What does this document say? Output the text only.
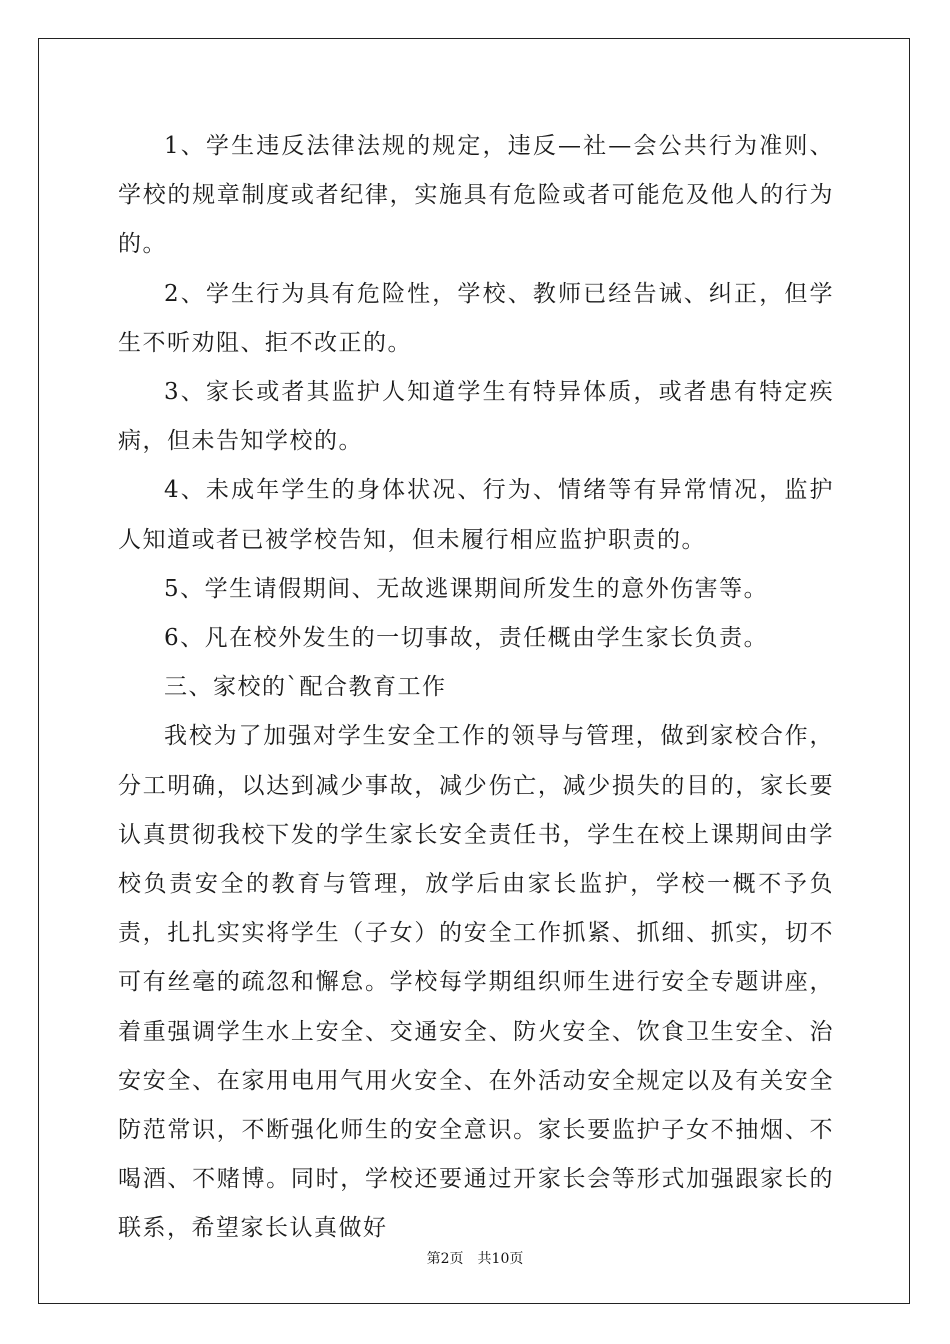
1、学生违反法律法规的规定，违反—社—会公共行为准则、学校的规章制度或者纪律，实施具有危险或者可能危及他人的行为的。

2、学生行为具有危险性，学校、教师已经告诫、纠正，但学生不听劝阻、拒不改正的。

3、家长或者其监护人知道学生有特异体质，或者患有特定疾病，但未告知学校的。

4、未成年学生的身体状况、行为、情绪等有异常情况，监护人知道或者已被学校告知，但未履行相应监护职责的。

5、学生请假期间、无故逃课期间所发生的意外伤害等。

6、凡在校外发生的一切事故，责任概由学生家长负责。

三、家校的`配合教育工作

我校为了加强对学生安全工作的领导与管理，做到家校合作，分工明确，以达到减少事故，减少伤亡，减少损失的目的，家长要认真贯彻我校下发的学生家长安全责任书，学生在校上课期间由学校负责安全的教育与管理，放学后由家长监护，学校一概不予负责，扎扎实实将学生（子女）的安全工作抓紧、抓细、抓实，切不可有丝毫的疏忽和懈怠。学校每学期组织师生进行安全专题讲座，着重强调学生水上安全、交通安全、防火安全、饮食卫生安全、治安安全、在家用电用气用火安全、在外活动安全规定以及有关安全防范常识，不断强化师生的安全意识。家长要监护子女不抽烟、不喝酒、不赌博。同时，学校还要通过开家长会等形式加强跟家长的联系，希望家长认真做好

第2页　共10页
